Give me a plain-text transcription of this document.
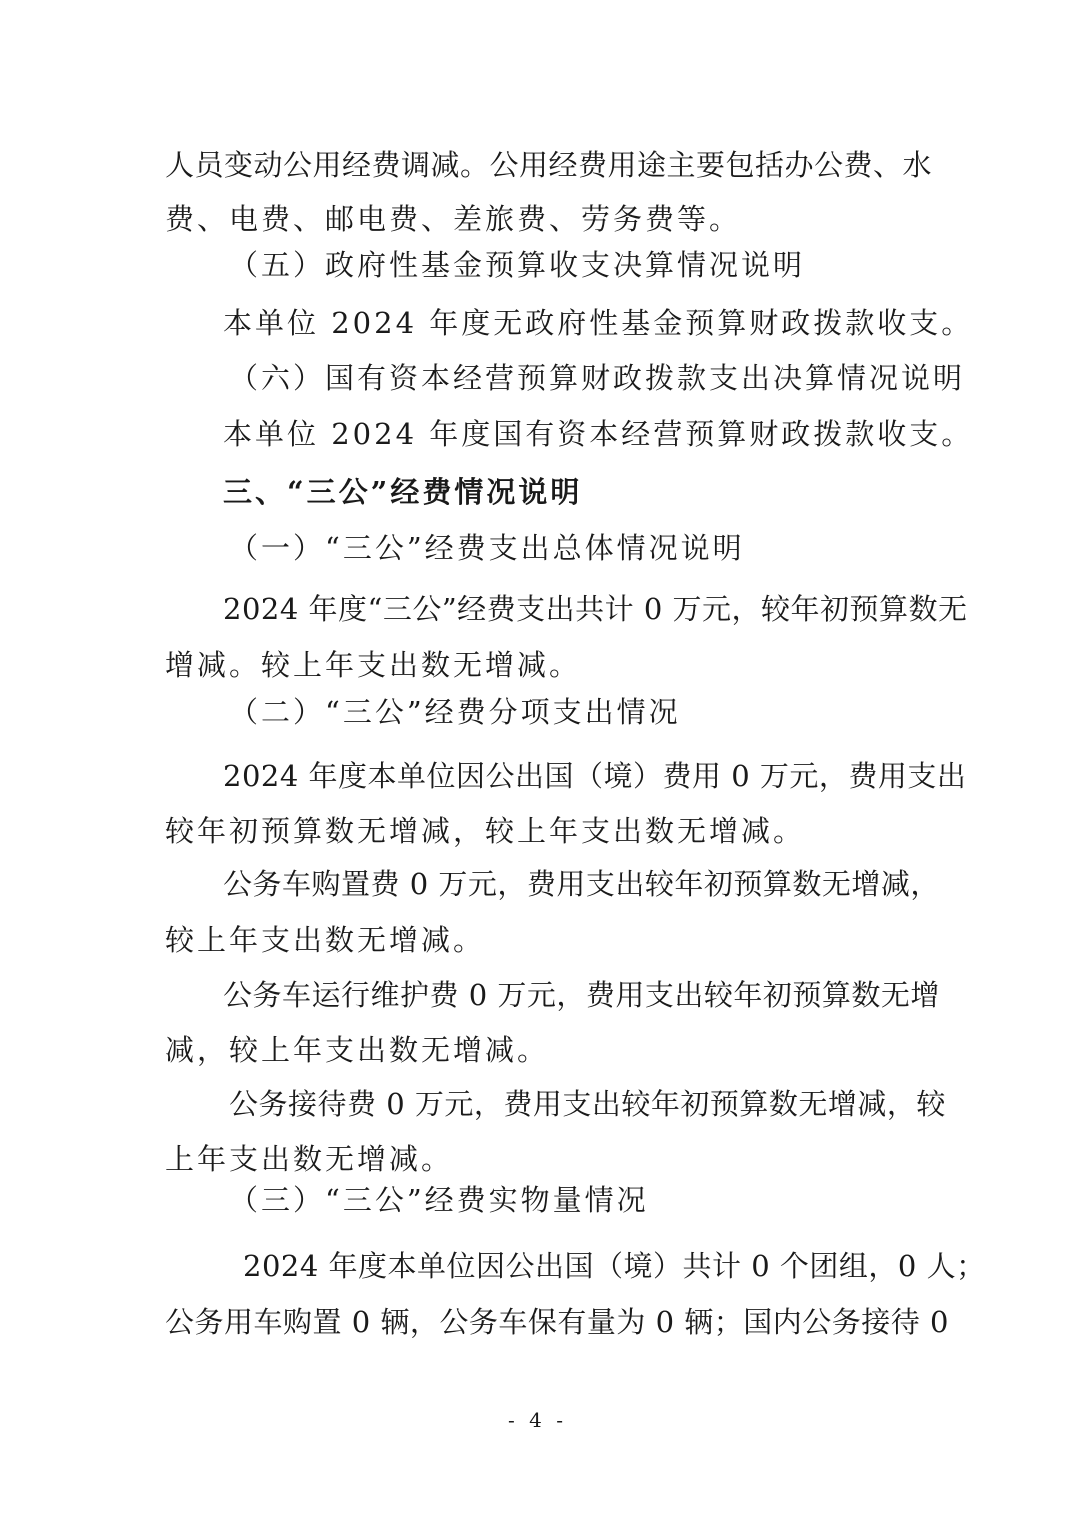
人员变动公用经费调减。公用经费用途主要包括办公费、水
费、电费、邮电费、差旅费、劳务费等。
（五）政府性基金预算收支决算情况说明
本单位 2024 年度无政府性基金预算财政拨款收支。
（六）国有资本经营预算财政拨款支出决算情况说明
本单位 2024 年度国有资本经营预算财政拨款收支。
三、“三公”经费情况说明
（一）“三公”经费支出总体情况说明
2024 年度“三公”经费支出共计 0 万元，较年初预算数无
增减。较上年支出数无增减。
（二）“三公”经费分项支出情况
2024 年度本单位因公出国（境）费用 0 万元，费用支出
较年初预算数无增减，较上年支出数无增减。
公务车购置费 0 万元，费用支出较年初预算数无增减，
较上年支出数无增减。
公务车运行维护费 0 万元，费用支出较年初预算数无增
减，较上年支出数无增减。
公务接待费 0 万元，费用支出较年初预算数无增减，较
上年支出数无增减。
（三）“三公”经费实物量情况
2024 年度本单位因公出国（境）共计 0 个团组，0 人；
公务用车购置 0 辆，公务车保有量为 0 辆；国内公务接待 0
- 4 -
